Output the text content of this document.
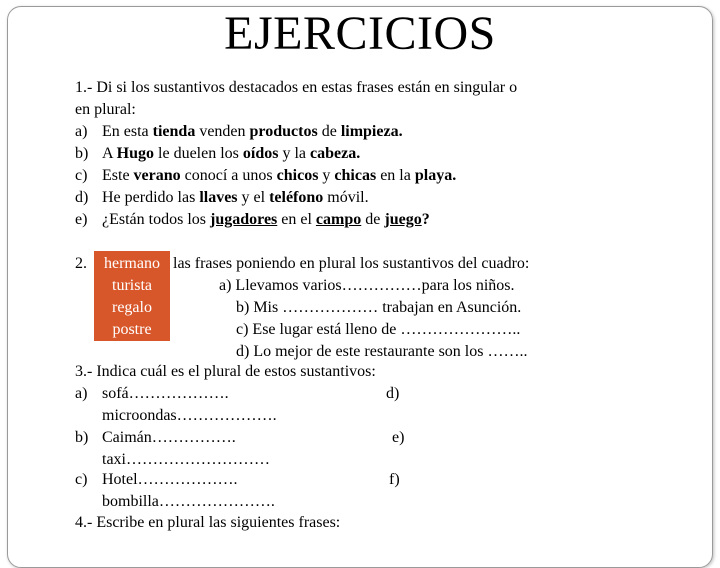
EJERCICIOS
1.- Di si los sustantivos destacados en estas frases están en singular o
en plural:
a) En esta tienda venden productos de limpieza.
b) A Hugo le duelen los oídos y la cabeza.
c) Este verano conocí a unos chicos y chicas en la playa.
d) He perdido las llaves y el teléfono móvil.
e) ¿Están todos los jugadores en el campo de juego?
2.	las frases poniendo en plural los sustantivos del cuadro:
hermano
turista
regalo
postre
a) Llevamos varios……………para los niños.
b) Mis ……………… trabajan en Asunción.
c) Ese lugar está lleno de …………………..
d) Lo mejor de este restaurante son los ……..
3.- Indica cuál es el plural de estos sustantivos:
a) sofá……………….	d)
microondas……………….
b) Caimán…………….	e)
taxi………………………
c) Hotel……………….	f)
bombilla………………….
4.- Escribe en plural las siguientes frases:
